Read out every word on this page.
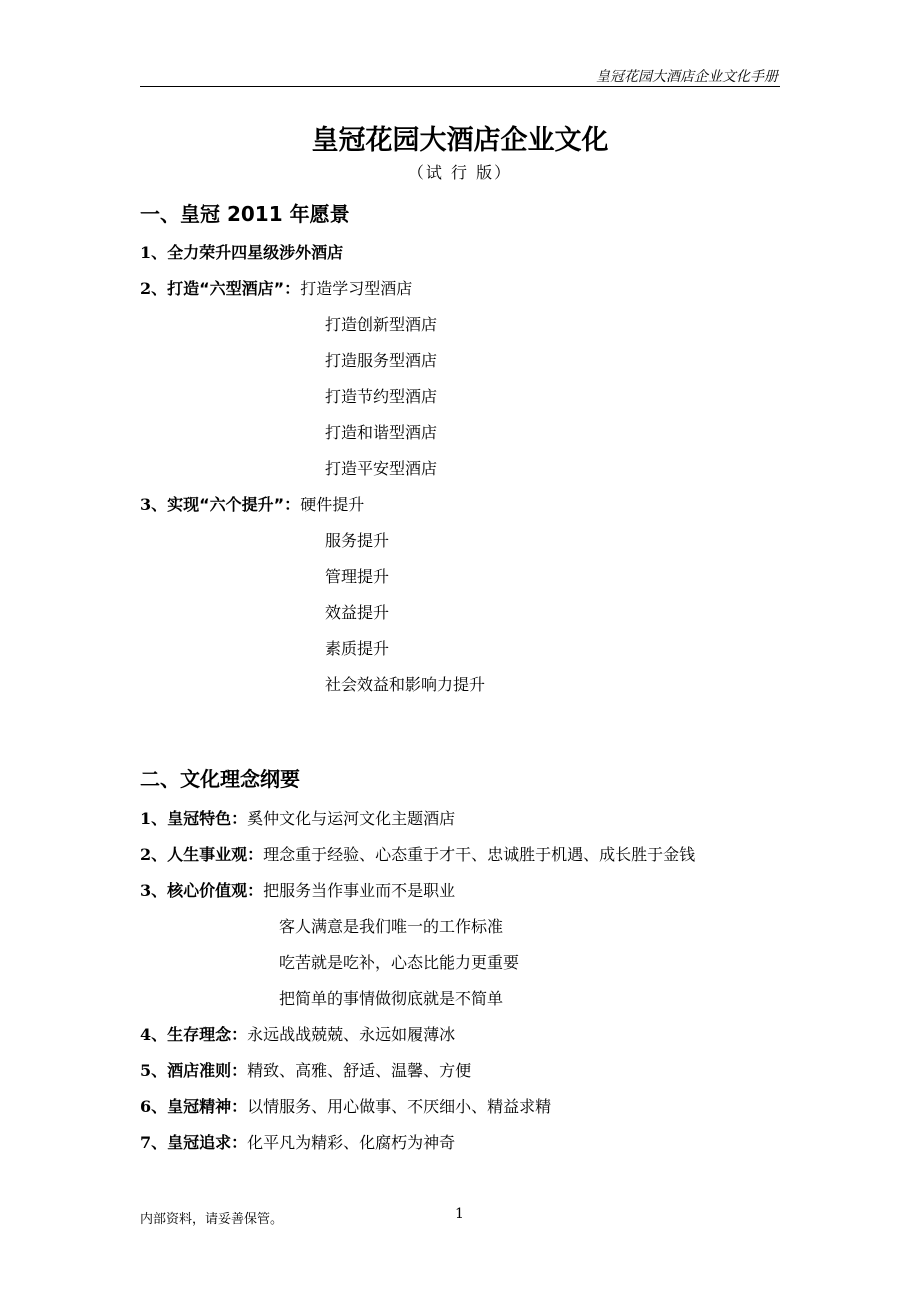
皇冠花园大酒店企业文化手册
皇冠花园大酒店企业文化
（试 行 版）
一、皇冠 2011 年愿景
1、全力荣升四星级涉外酒店
2、打造“六型酒店”：打造学习型酒店
打造创新型酒店
打造服务型酒店
打造节约型酒店
打造和谐型酒店
打造平安型酒店
3、实现“六个提升”：硬件提升
服务提升
管理提升
效益提升
素质提升
社会效益和影响力提升
二、文化理念纲要
1、皇冠特色：奚仲文化与运河文化主题酒店
2、人生事业观：理念重于经验、心态重于才干、忠诚胜于机遇、成长胜于金钱
3、核心价值观：把服务当作事业而不是职业
客人满意是我们唯一的工作标准
吃苦就是吃补，心态比能力更重要
把简单的事情做彻底就是不简单
4、生存理念：永远战战兢兢、永远如履薄冰
5、酒店准则：精致、高雅、舒适、温馨、方便
6、皇冠精神：以情服务、用心做事、不厌细小、精益求精
7、皇冠追求：化平凡为精彩、化腐朽为神奇
内部资料，请妥善保管。	1
